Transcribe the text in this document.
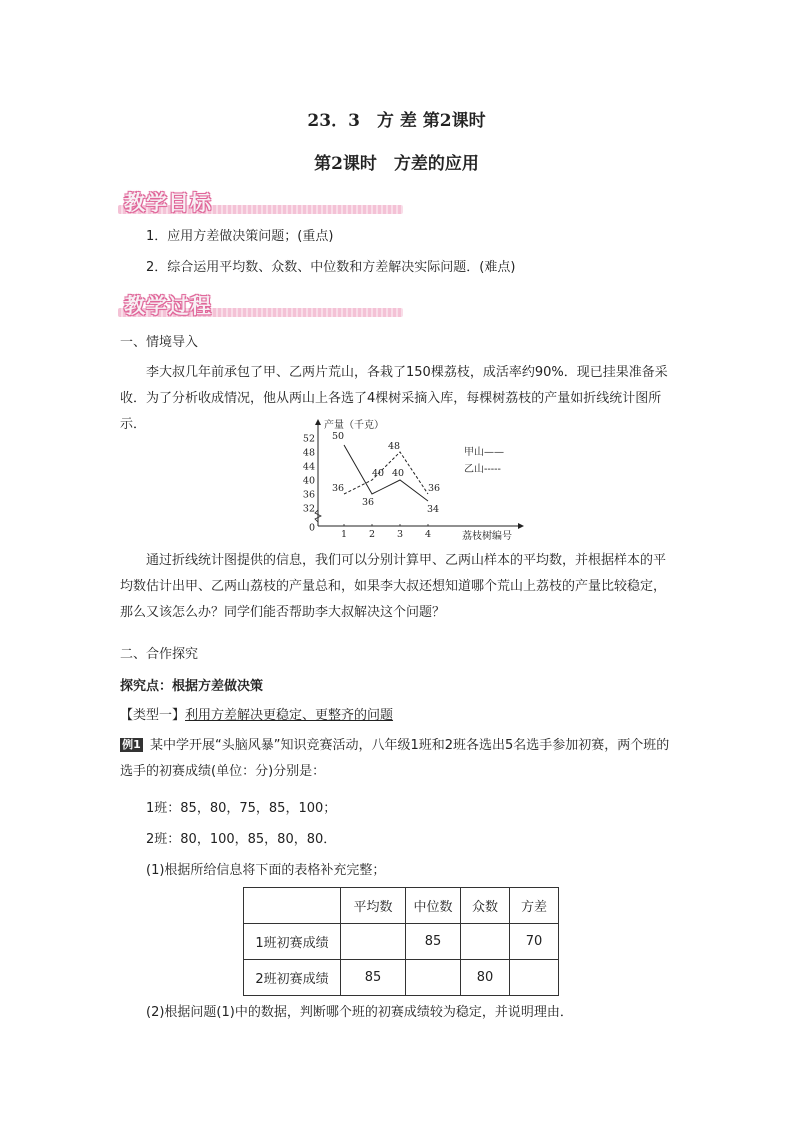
23．3　方 差 第2课时
第2课时　方差的应用
教学目标
1．应用方差做决策问题；(重点)
2．综合运用平均数、众数、中位数和方差解决实际问题．(难点)
教学过程
一、情境导入
李大叔几年前承包了甲、乙两片荒山，各栽了150棵荔枝，成活率约90%．现已挂果准备采收．为了分析收成情况，他从两山上各选了4棵树采摘入库，每棵树荔枝的产量如折线统计图所示．
0
32
36
40
44
48
52
1 2 3 4
产量（千克）
荔枝树编号
50
36
40
34
36
40
48
36
甲山——
乙山-----
通过折线统计图提供的信息，我们可以分别计算甲、乙两山样本的平均数，并根据样本的平均数估计出甲、乙两山荔枝的产量总和，如果李大叔还想知道哪个荒山上荔枝的产量比较稳定，那么又该怎么办？同学们能否帮助李大叔解决这个问题？
二、合作探究
探究点：根据方差做决策
【类型一】利用方差解决更稳定、更整齐的问题
例1 某中学开展“头脑风暴”知识竞赛活动，八年级1班和2班各选出5名选手参加初赛，两个班的选手的初赛成绩(单位：分)分别是：
1班：85，80，75，85，100；
2班：80，100，85，80，80．
(1)根据所给信息将下面的表格补充完整；
	平均数	中位数	众数	方差
1班初赛成绩		85		70
2班初赛成绩	85		80	
(2)根据问题(1)中的数据，判断哪个班的初赛成绩较为稳定，并说明理由．
